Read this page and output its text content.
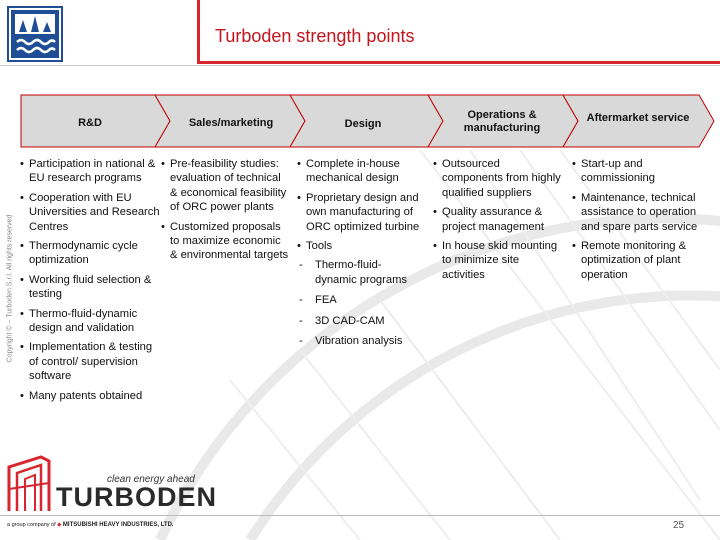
Turboden strength points
R&D	Sales/marketing	Design
Operations & manufacturing
Aftermarket service
• Participation in national & EU research programs
• Cooperation with EU Universities and Research Centres
• Thermodynamic cycle optimization
• Working fluid selection & testing
• Thermo-fluid-dynamic design and validation
• Implementation & testing of control/ supervision software
• Many patents obtained
• Pre-feasibility studies: evaluation of technical & economical feasibility of ORC power plants
• Customized proposals to maximize economic & environmental targets
• Complete in-house mechanical design
• Proprietary design and own manufacturing of ORC optimized turbine
• Tools
- Thermo-fluid-dynamic programs
- FEA
- 3D CAD-CAM
- Vibration analysis
• Outsourced components from highly qualified suppliers
• Quality assurance & project management
• In house skid mounting to minimize site activities
• Start-up and commissioning
• Maintenance, technical assistance to operation and spare parts service
• Remote monitoring & optimization of plant operation
Copyright © – Turboden S.r.l. All rights reserved
25
clean energy ahead
TURBODEN
a group company of ◆ MITSUBISHI HEAVY INDUSTRIES, LTD.
